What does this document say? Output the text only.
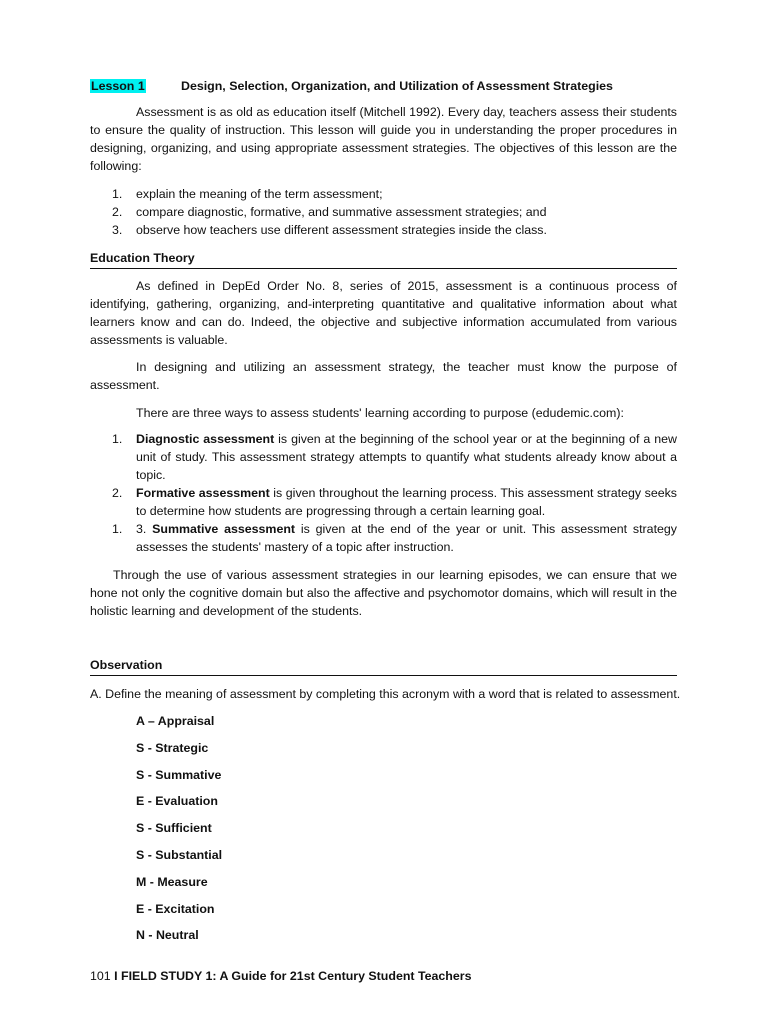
Lesson 1	Design, Selection, Organization, and Utilization of Assessment Strategies

Assessment is as old as education itself (Mitchell 1992). Every day, teachers assess their students to ensure the quality of instruction. This lesson will guide you in understanding the proper procedures in designing, organizing, and using appropriate assessment strategies. The objectives of this lesson are the following:

1. explain the meaning of the term assessment;
2. compare diagnostic, formative, and summative assessment strategies; and
3. observe how teachers use different assessment strategies inside the class.
Education Theory

As defined in DepEd Order No. 8, series of 2015, assessment is a continuous process of identifying, gathering, organizing, and-interpreting quantitative and qualitative information about what learners know and can do. Indeed, the objective and subjective information accumulated from various assessments is valuable.

In designing and utilizing an assessment strategy, the teacher must know the purpose of assessment.

There are three ways to assess students' learning according to purpose (edudemic.com):

1. Diagnostic assessment is given at the beginning of the school year or at the beginning of a new unit of study. This assessment strategy attempts to quantify what students already know about a topic.
2. Formative assessment is given throughout the learning process. This assessment strategy seeks to determine how students are progressing through a certain learning goal.
1. 3. Summative assessment is given at the end of the year or unit. This assessment strategy assesses the students' mastery of a topic after instruction.

Through the use of various assessment strategies in our learning episodes, we can ensure that we hone not only the cognitive domain but also the affective and psychomotor domains, which will result in the holistic learning and development of the students.

Observation
A. Define the meaning of assessment by completing this acronym with a word that is related to assessment.
A – Appraisal
S - Strategic
S - Summative
E - Evaluation
S - Sufficient
S - Substantial
M - Measure
E - Excitation
N - Neutral
101 I FIELD STUDY 1: A Guide for 21st Century Student Teachers
